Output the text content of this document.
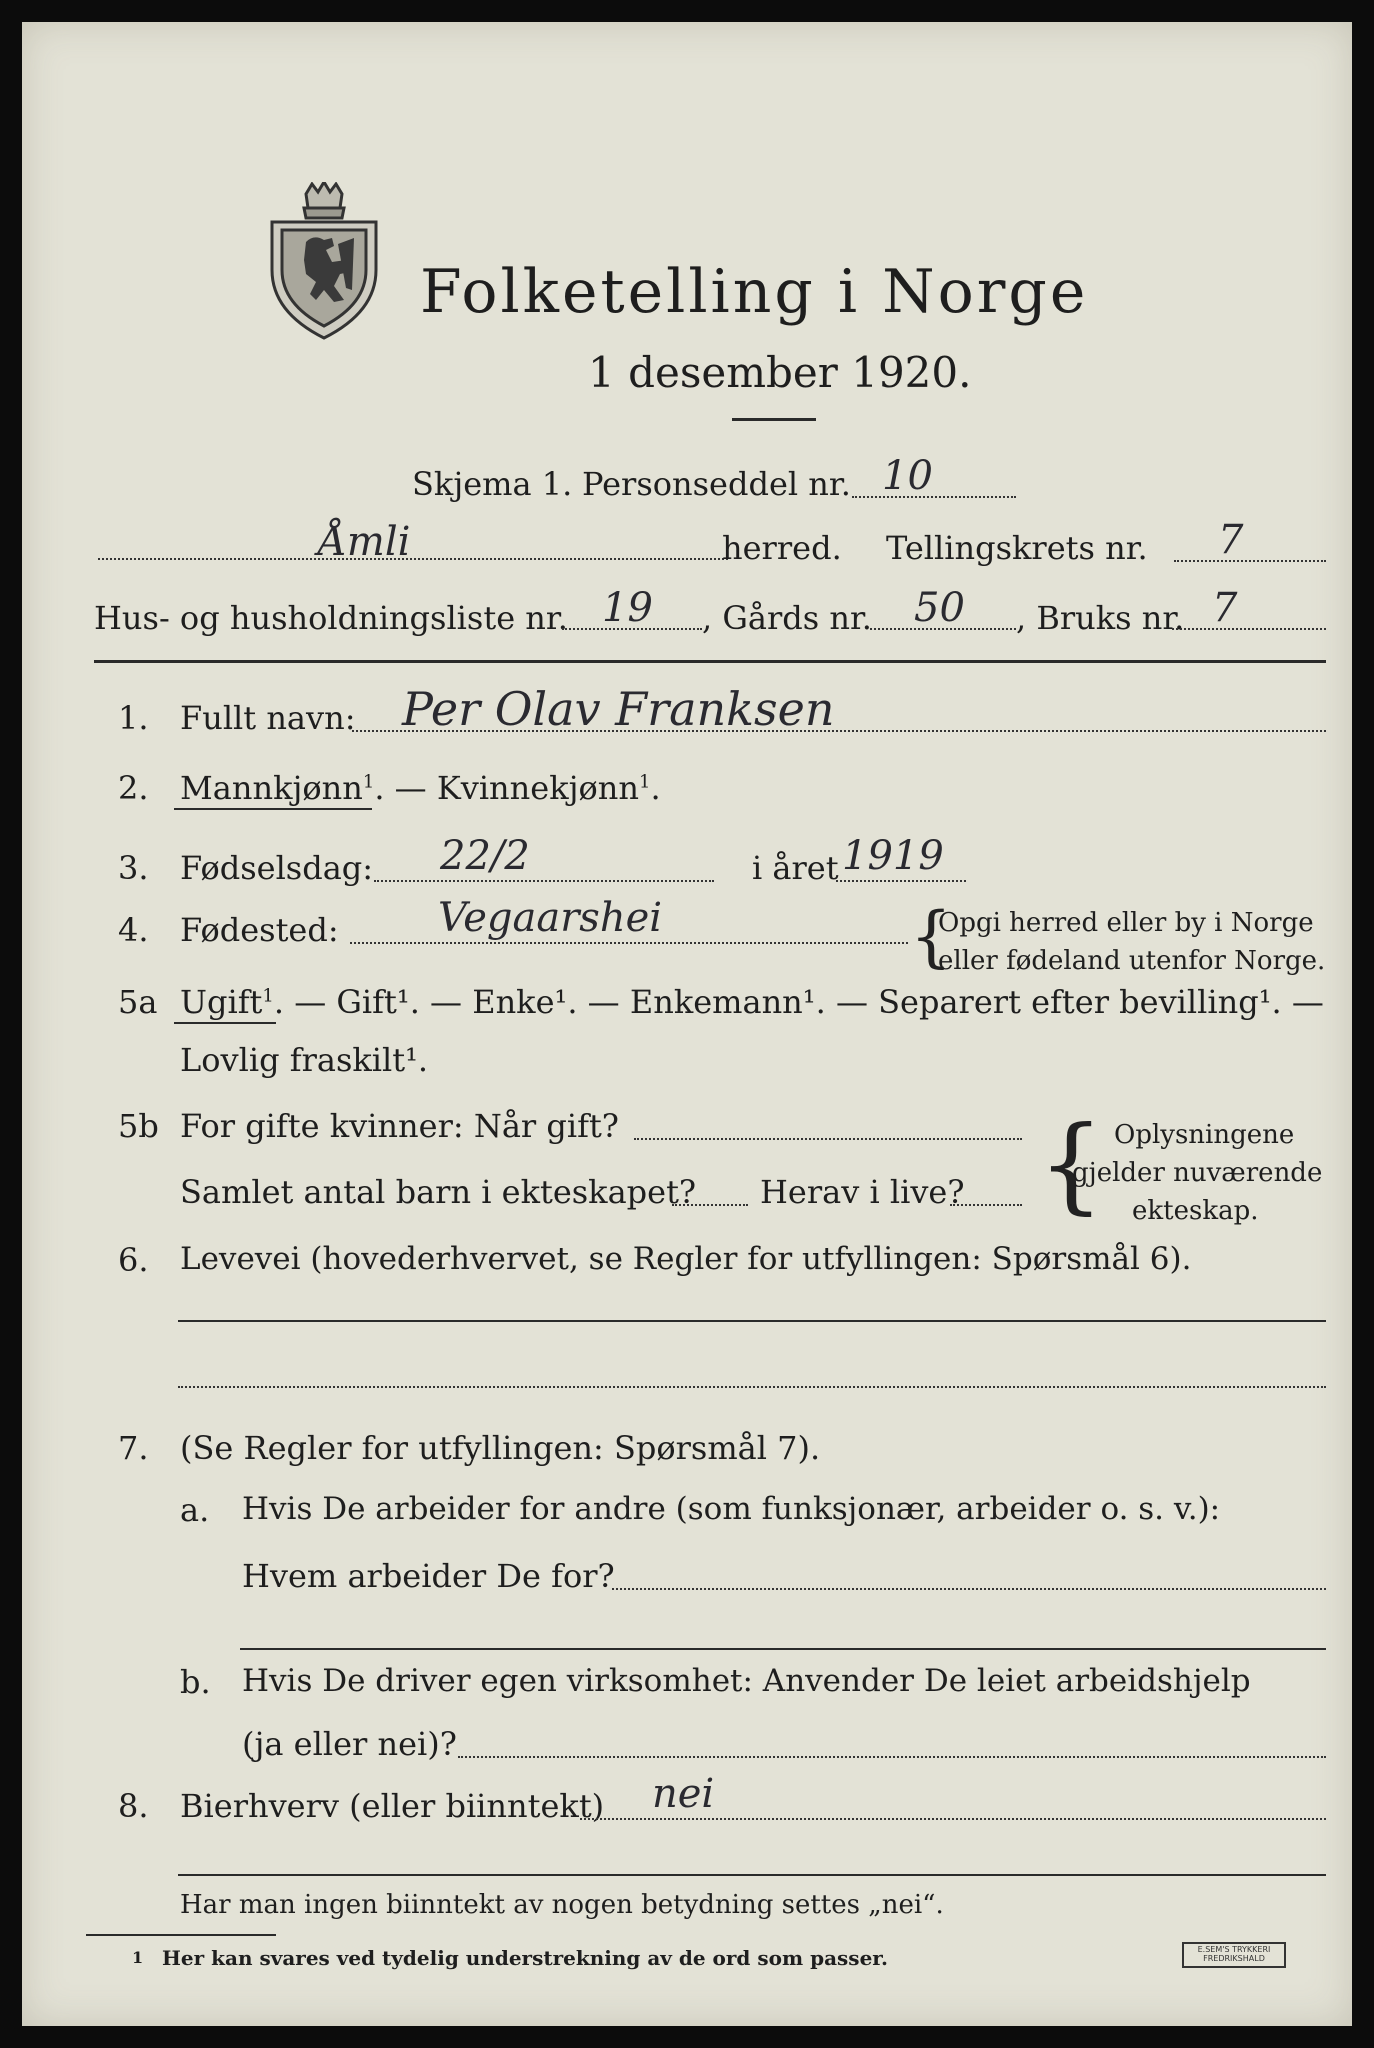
Folketelling i Norge
1 desember 1920.
Skjema 1. Personseddel nr. 10
Åmli	herred. Tellingskrets nr. 7
Hus- og husholdningsliste nr. 19 , Gårds nr. 50 , Bruks nr. 7
1. Fullt navn: Per Olav Franksen
2. Mannkjønn$^1$. — Kvinnekjønn$^1$.
3. Fødselsdag: 22/2	i året 1919
4. Fødested: Vegaarshei	{
Opgi herred eller by i Norge
eller fødeland utenfor Norge.
5a Ugift$^1$. — Gift¹. — Enke¹. — Enkemann¹. — Separert efter bevilling¹. —
Lovlig fraskilt¹.
5b For gifte kvinner: Når gift?
Samlet antal barn i ekteskapet? Herav i live? { Oplysningene
gjelder nuværende
ekteskap.
6. Levevei (hovederhvervet, se Regler for utfyllingen: Spørsmål 6).
7. (Se Regler for utfyllingen: Spørsmål 7).
a. Hvis De arbeider for andre (som funksjonær, arbeider o. s. v.):
Hvem arbeider De for?
b. Hvis De driver egen virksomhet: Anvender De leiet arbeidshjelp
(ja eller nei)?
8. Bierhverv (eller biinntekt) nei
Har man ingen biinntekt av nogen betydning settes „nei“.
1 Her kan svares ved tydelig understrekning av de ord som passer.	E.SEM'S TRYKKERI
FREDRIKSHALD
